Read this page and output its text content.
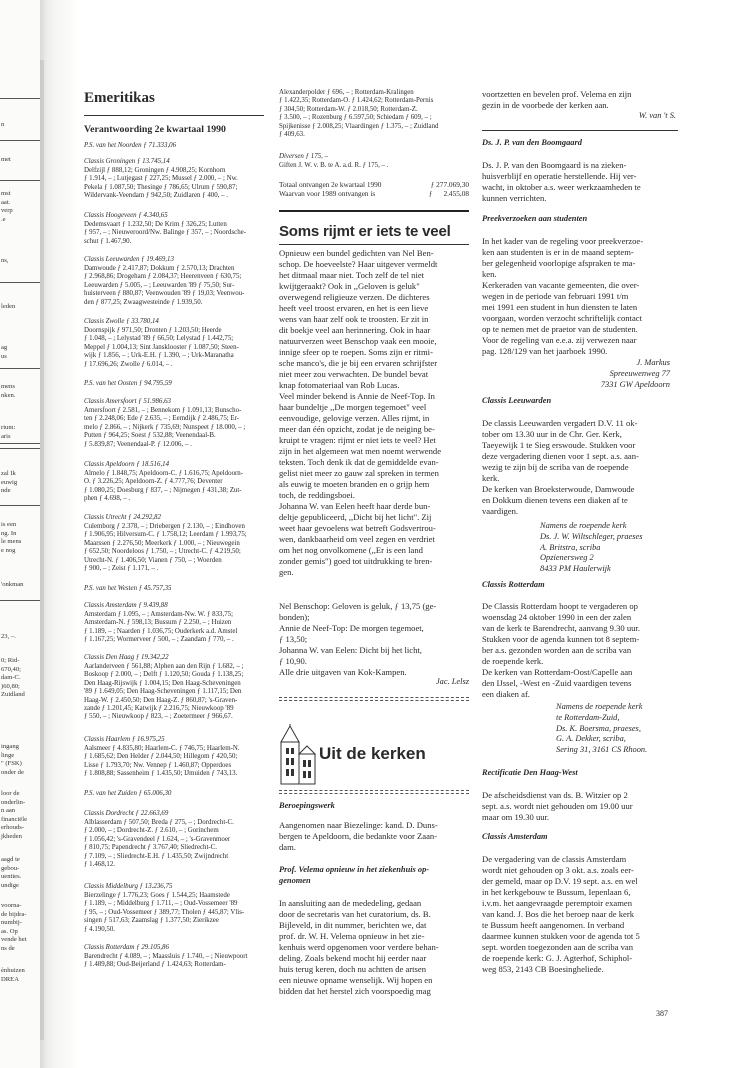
n
met
mst
aat.
verp
.e
ns,
leden
ag
us
mens
nken.
rium:
aris
zal Ik
euwig
nde
is een
ng. In
le mens
e nog
'onkman
23, –.
0; Rid-
670,40;
dam-C.
)60,80;
Zuidland
ingang
linge
" (FSK)
onder de
loor de
onderlin-
n aan
financiële
erhouds-
jkheden
aagd te
gebou-
uenties.
undige
voorna-
de bijdra-
numbij-
as. Op
vende het
ns de
ènhuizen
DREA
Emeritikas
Verantwoording 2e kwartaal 1990

P.S. van het Noorden ƒ 71.333,06

Classis Groningen ƒ 13.745,14

Delfzijl ƒ 888,12; Groningen ƒ 4.908,25; Kornhorn
ƒ 1.914, – ; Lutjegast ƒ 227,25; Mussel ƒ 2.000, – ; Nw.
Pekela ƒ 1.087,50; Thesinge ƒ 786,65; Ulrum ƒ 590,87;
Wildervank-Veendam ƒ 942,50; Zuidlaren ƒ 400, – .

Classis Hoogeveen ƒ 4.340,65

Dedemsvaart ƒ 1.232,50; De Krim ƒ 326,25; Lutten
ƒ 957, – ; Nieuweroord/Nw. Balinge ƒ 357, – ; Noordsche-
schut ƒ 1.467,90.

Classis Leeuwarden ƒ 19.469,13

Damwoude ƒ 2.417,87; Dokkum ƒ 2.570,13; Drachten
ƒ 2.968,86; Drogeham ƒ 2.084,37; Heerenveen ƒ 630,75;
Leeuwarden ƒ 5.005, – ; Leeuwarden '89 ƒ 75,50; Sur-
huisterveen ƒ 880,87; Veenwouden '89 ƒ 19,03; Veenwou-
den ƒ 877,25; Zwaagwesteinde ƒ 1.939,50.

Classis Zwolle ƒ 33.780,14

Doornspijk ƒ 971,50; Dronten ƒ 1.203,50; Heerde
ƒ 1.048, – ; Lelystad '89 ƒ 66,50; Lelystad ƒ 1.442,75;
Meppel ƒ 1.004,13; Sint Jansklooster ƒ 1.087,50; Steen-
wijk ƒ 1.856, – ; Urk-E.H. ƒ 1.390, – ; Urk-Maranatha
ƒ 17.696,26; Zwolle ƒ 6.014, – .

P.S. van het Oosten ƒ 94.795,59

Classis Amersfoort ƒ 51.986,63

Amersfoort ƒ 2.581, – ; Bennekom ƒ 1.091,13; Bunscho-
ten ƒ 2.248,06; Ede ƒ 2.635, – ; Eemdijk ƒ 2.486,75; Er-
melo ƒ 2.866, – ; Nijkerk ƒ 735,69; Nunspeet ƒ 18.000, – ;
Putten ƒ 964,25; Soest ƒ 532,88; Veenendaal-B.
ƒ 5.839,87; Veenendaal-P. ƒ 12.006, – .

Classis Apeldoorn ƒ 18.516,14

Almelo ƒ 1.848,75; Apeldoorn-C. ƒ 1.616,75; Apeldoorn-
O. ƒ 3.226,25; Apeldoorn-Z. ƒ 4.777,76; Deventer
ƒ 1.080,25; Doesburg ƒ 837, – ; Nijmegen ƒ 431,38; Zut-
phen ƒ 4.698, – .

Classis Utrecht ƒ 24.292,82

Culemborg ƒ 2.378, – ; Driebergen ƒ 2.130, – ; Eindhoven
ƒ 1.906,95; Hilversum-C. ƒ 1.758,12; Leerdam ƒ 1.993,75;
Maarssen ƒ 2.276,50; Meerkerk ƒ 1.000, – ; Nieuwegein
ƒ 652,50; Noordeloos ƒ 1.750, – ; Utrecht-C. ƒ 4.219,50;
Utrecht-N. ƒ 1.406,50; Vianen ƒ 750, – ; Woerden
ƒ 900, – ; Zeist ƒ 1.171, – .

P.S. van het Westen ƒ 45.757,35

Classis Amsterdam ƒ 9.439,88

Amsterdam ƒ 1.095, – ; Amsterdam-Nw. W. ƒ 833,75;
Amsterdam-N. ƒ 598,13; Bussum ƒ 2.250, – ; Huizen
ƒ 1.189, – ; Naarden ƒ 1.036,75; Ouderkerk a.d. Amstel
ƒ 1.167,25; Wormerveer ƒ 500, – ; Zaandam ƒ 770, – .

Classis Den Haag ƒ 19.342,22

Aarlanderveen ƒ 561,88; Alphen aan den Rijn ƒ 1.682, – ;
Boskoop ƒ 2.000, – ; Delft ƒ 1.120,50; Gouda ƒ 1.138,25;
Den Haag-Rijswijk ƒ 1.004,15; Den Haag-Scheveningen
'89 ƒ 1.649,05; Den Haag-Scheveningen ƒ 1.117,15; Den
Haag-W. ƒ 2.450,50; Den Haag-Z. ƒ 860,87; 's-Graven-
zande ƒ 1.201,45; Katwijk ƒ 2.216,75; Nieuwkoop '89
ƒ 550, – ; Nieuwkoop ƒ 823, – ; Zoetermeer ƒ 966,67.

Classis Haarlem ƒ 16.975,25

Aalsmeer ƒ 4.835,80; Haarlem-C. ƒ 746,75; Haarlem-N.
ƒ 1.685,62; Den Helder ƒ 2.044,50; Hillegom ƒ 420,50;
Lisse ƒ 1.793,70; Nw. Vennep ƒ 1.460,87; Opperdoes
ƒ 1.808,88; Sassenheim ƒ 1.435,50; IJmuiden ƒ 743,13.

P.S. van het Zuiden ƒ 65.006,30

Classis Dordrecht ƒ 22.663,69

Alblasserdam ƒ 507,50; Breda ƒ 275, – ; Dordrecht-C.
ƒ 2.000, – ; Dordrecht-Z. ƒ 2.610, – ; Gorinchem
ƒ 1.056,42; 's-Gravendeel ƒ 1.624, – ; 's-Gravenmoer
ƒ 810,75; Papendrecht ƒ 3.767,40; Sliedrecht-C.
ƒ 7.109, – ; Sliedrecht-E.H. ƒ 1.435,50; Zwijndrecht
ƒ 1.468,12.

Classis Middelburg ƒ 13.236,75

Bierzelinge ƒ 1.776,23; Goes ƒ 1.544,25; Haamstede
ƒ 1.189, – ; Middelburg ƒ 1.711, – ; Oud-Vossemeer '89
ƒ 95, – ; Oud-Vossemeer ƒ 389,77; Tholen ƒ 445,87; Vlis-
singen ƒ 517,63; Zaamslag ƒ 1.377,50; Zierikzee
ƒ 4.190,50.

Classis Rotterdam ƒ 29.105,86

Barendrecht ƒ 4.089, – ; Maassluis ƒ 1.740, – ; Nieuwpoort
ƒ 1.489,88; Oud-Beijerland ƒ 1.424,63; Rotterdam-

Alexanderpolder ƒ 696, – ; Rotterdam-Kralingen
ƒ 1.422,35; Rotterdam-O. ƒ 1.424,62; Rotterdam-Pernis
ƒ 304,50; Rotterdam-W. ƒ 2.018,50; Rotterdam-Z.
ƒ 3.500, – ; Rozenburg ƒ 6.597,50; Schiedam ƒ 609, – ;
Spijkenisse ƒ 2.008,25; Vlaardingen ƒ 1.375, – ; Zuidland
ƒ 409,63.

Diversen ƒ 175, –

Giften J. W. v. B. te A. a.d. R. ƒ 175, – .

Totaal ontvangen 2e kwartaal 1990	ƒ 277.069,30
Waarvan voor 1989 ontvangen is	ƒ      2.455,08
Soms rijmt er iets te veel

Opnieuw een bundel gedichten van Nel Ben-
schop. De hoeveelste? Haar uitgever vermeldt
het ditmaal maar niet. Toch zelf de tel niet
kwijtgeraakt? Ook in ,,Geloven is geluk"
overwegend religieuze verzen. De dichteres
heeft veel troost ervaren, en het is een lieve
wens van haar zelf ook te troosten. Er zit in
dit boekje veel aan herinnering. Ook in haar
natuurverzen weet Benschop vaak een mooie,
innige sfeer op te roepen. Soms zijn er ritmi-
sche manco's, die je bij een ervaren schrijfster
niet meer zou verwachten. De bundel bevat
knap fotomateriaal van Rob Lucas.
Veel minder bekend is Annie de Neef-Top. In
haar bundeltje ,,De morgen tegemoet" veel
eenvoudige, gelovige verzen. Alles rijmt, in
meer dan één opzicht, zodat je de neiging be-
kruipt te vragen: rijmt er niet iets te veel? Het
zijn in het algemeen wat men noemt werwende
teksten. Toch denk ik dat de gemiddelde evan-
gelist niet meer zo gauw zal spreken in termen
als euwig te moeten branden en o grijp hem
toch, de reddingsboei.
Johanna W. van Eelen heeft haar derde bun-
deltje gepubliceerd, ,,Dicht bij het licht". Zij
weet haar gevoelens wat betreft Godsvertrou-
wen, dankbaarheid om veel zegen en verdriet
om het nog onvolkomene (,,Er is een land
zonder gemis") goed tot uitdrukking te bren-
gen.

Nel Benschop: Geloven is geluk, ƒ 13,75 (ge-
bonden);
Annie de Neef-Top: De morgen tegemoet,
ƒ 13,50;
Johanna W. van Eelen: Dicht bij het licht,
ƒ 10,90.
Alle drie uitgaven van Kok-Kampen.

Jac. Lelsz

Uit de kerken

Beroepingswerk

Aangenomen naar Biezelinge: kand. D. Duns-
bergen te Apeldoorn, die bedankte voor Zaan-
dam.

Prof. Velema opnieuw in het ziekenhuis op-
genomen

In aansluiting aan de mededeling, gedaan
door de secretaris van het curatorium, ds. B.
Bijleveld, in dit nummer, berichten we, dat
prof. dr. W. H. Velema opnieuw in het zie-
kenhuis werd opgenomen voor verdere behan-
deling. Zoals bekend mocht hij eerder naar
huis terug keren, doch nu achtten de artsen
een nieuwe opname wenselijk. Wij hopen en
bidden dat het herstel zich voorspoedig mag

voortzetten en bevelen prof. Velema en zijn
gezin in de voorbede der kerken aan.

W. van 't S.

Ds. J. P. van den Boomgaard

Ds. J. P. van den Boomgaard is na zieken-
huisverblijf en operatie herstellende. Hij ver-
wacht, in oktober a.s. weer werkzaamheden te
kunnen verrichten.

Preekverzoeken aan studenten

In het kader van de regeling voor preekverzoe-
ken aan studenten is er in de maand septem-
ber gelegenheid voorlopige afspraken te ma-
ken.
Kerkeraden van vacante gemeenten, die over-
wegen in de periode van februari 1991 t/m
mei 1991 een student in hun diensten te laten
voorgaan, worden verzocht schriftelijk contact
op te nemen met de praetor van de studenten.
Voor de regeling van e.e.a. zij verwezen naar
pag. 128/129 van het jaarboek 1990.

J. Markus
Spreeuwenweg 77
7331 GW Apeldoorn

Classis Leeuwarden

De classis Leeuwarden vergadert D.V. 11 ok-
tober om 13.30 uur in de Chr. Ger. Kerk,
Taeyewijk 1 te Sieg erswoude. Stukken voor
deze vergadering dienen voor 1 sept. a.s. aan-
wezig te zijn bij de scriba van de roepende
kerk.
De kerken van Broeksterwoude, Damwoude
en Dokkum dienen tevens een diaken af te
vaardigen.

Namens de roepende kerk
Ds. J. W. Wiltschleger, praeses
A. Britstra, scriba
Opzienersweg 2
8433 PM Haulerwijk

Classis Rotterdam

De Classis Rotterdam hoopt te vergaderen op
woensdag 24 oktober 1990 in een der zalen
van de kerk te Barendrecht, aanvang 9.30 uur.
Stukken voor de agenda kunnen tot 8 septem-
ber a.s. gezonden worden aan de scriba van
de roepende kerk.
De kerken van Rotterdam-Oost/Capelle aan
den IJssel, -West en -Zuid vaardigen tevens
een diaken af.

Namens de roepende kerk
te Rotterdam-Zuid,
Ds. K. Boersma, praeses,
G. A. Dekker, scriba,
Sering 31, 3161 CS Rhoon.

Rectificatie Den Haag-West

De afscheidsdienst van ds. B. Witzier op 2
sept. a.s. wordt niet gehouden om 19.00 uur
maar om 19.30 uur.

Classis Amsterdam

De vergadering van de classis Amsterdam
wordt niet gehouden op 3 okt. a.s. zoals eer-
der gemeld, maar op D.V. 19 sept. a.s. en wel
in het kerkgebouw te Bussum, Iepenlaan 6,
i.v.m. het aangevraagde peremptoir examen
van kand. J. Bos die het beroep naar de kerk
te Bussum heeft aangenomen. In verband
daarmee kunnen stukken voor de agenda tot 5
sept. worden toegezonden aan de scriba van
de roepende kerk: G. J. Agterhof, Schiphol-
weg 853, 2143 CB Boesingheliede.

387
